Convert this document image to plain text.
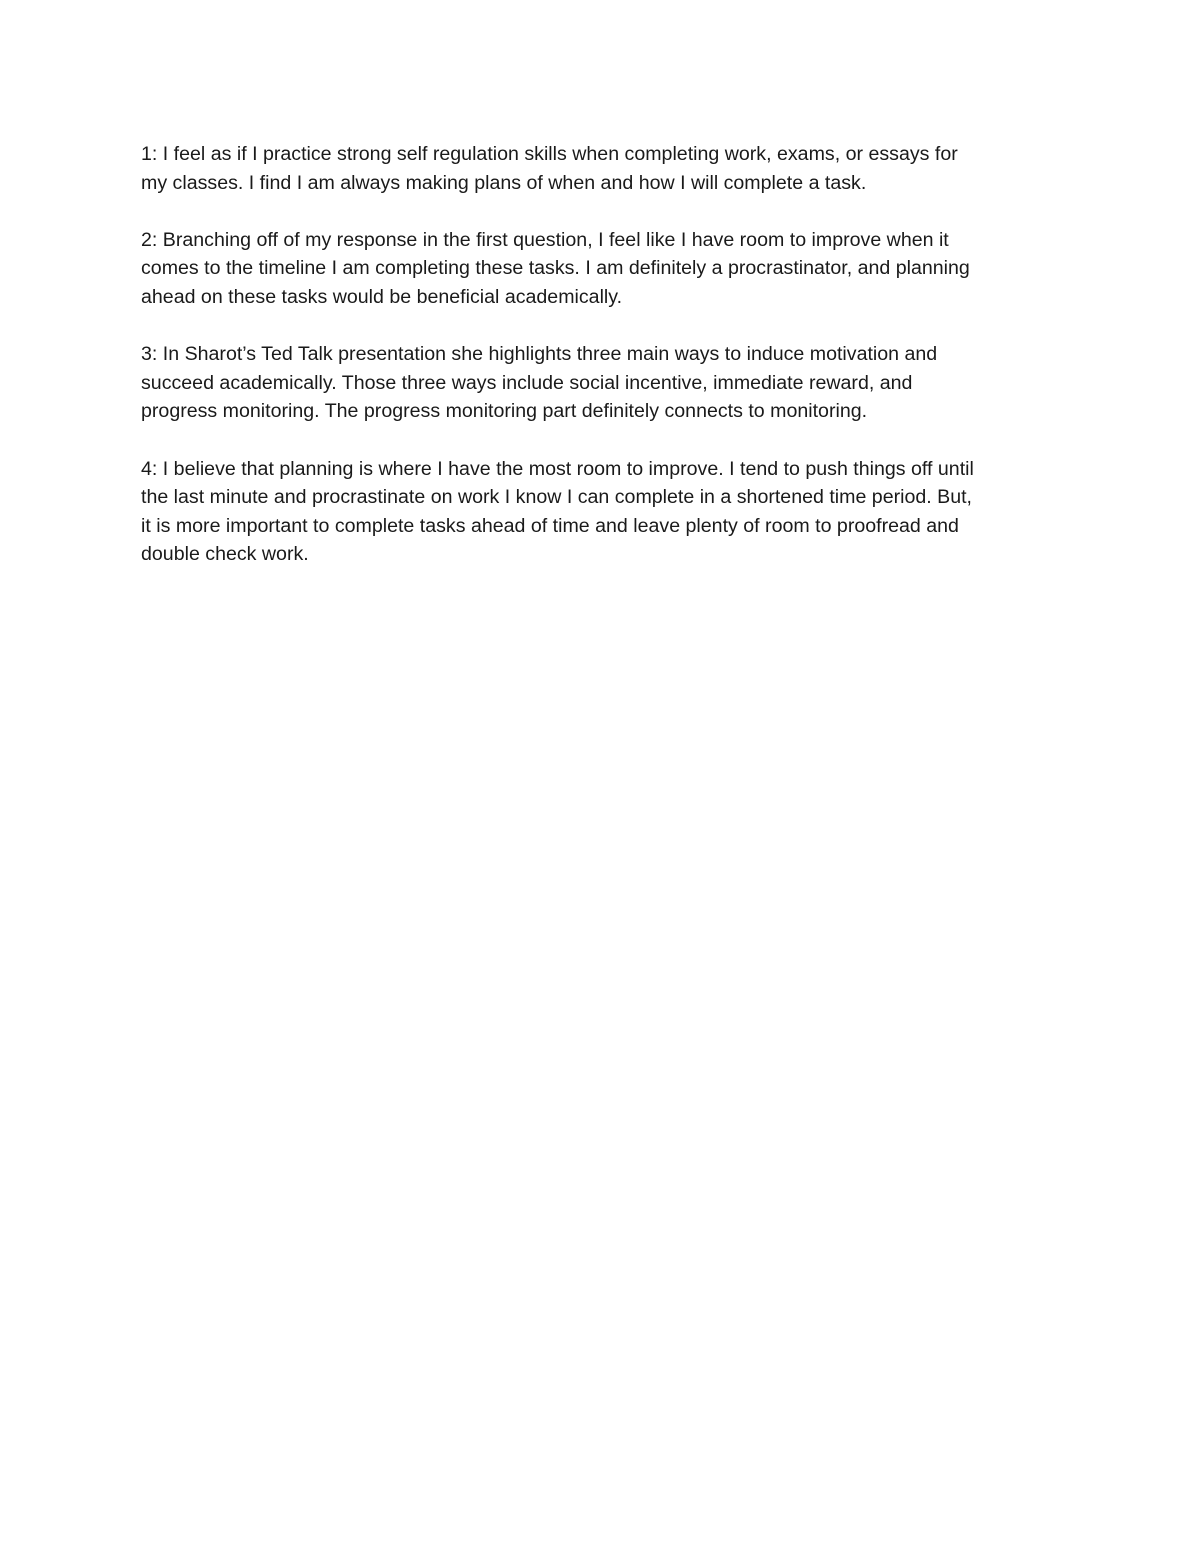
1: I feel as if I practice strong self regulation skills when completing work, exams, or essays for
my classes. I find I am always making plans of when and how I will complete a task.

2: Branching off of my response in the first question, I feel like I have room to improve when it
comes to the timeline I am completing these tasks. I am definitely a procrastinator, and planning
ahead on these tasks would be beneficial academically.

3: In Sharot’s Ted Talk presentation she highlights three main ways to induce motivation and
succeed academically. Those three ways include social incentive, immediate reward, and
progress monitoring. The progress monitoring part definitely connects to monitoring.

4: I believe that planning is where I have the most room to improve. I tend to push things off until
the last minute and procrastinate on work I know I can complete in a shortened time period. But,
it is more important to complete tasks ahead of time and leave plenty of room to proofread and
double check work.
